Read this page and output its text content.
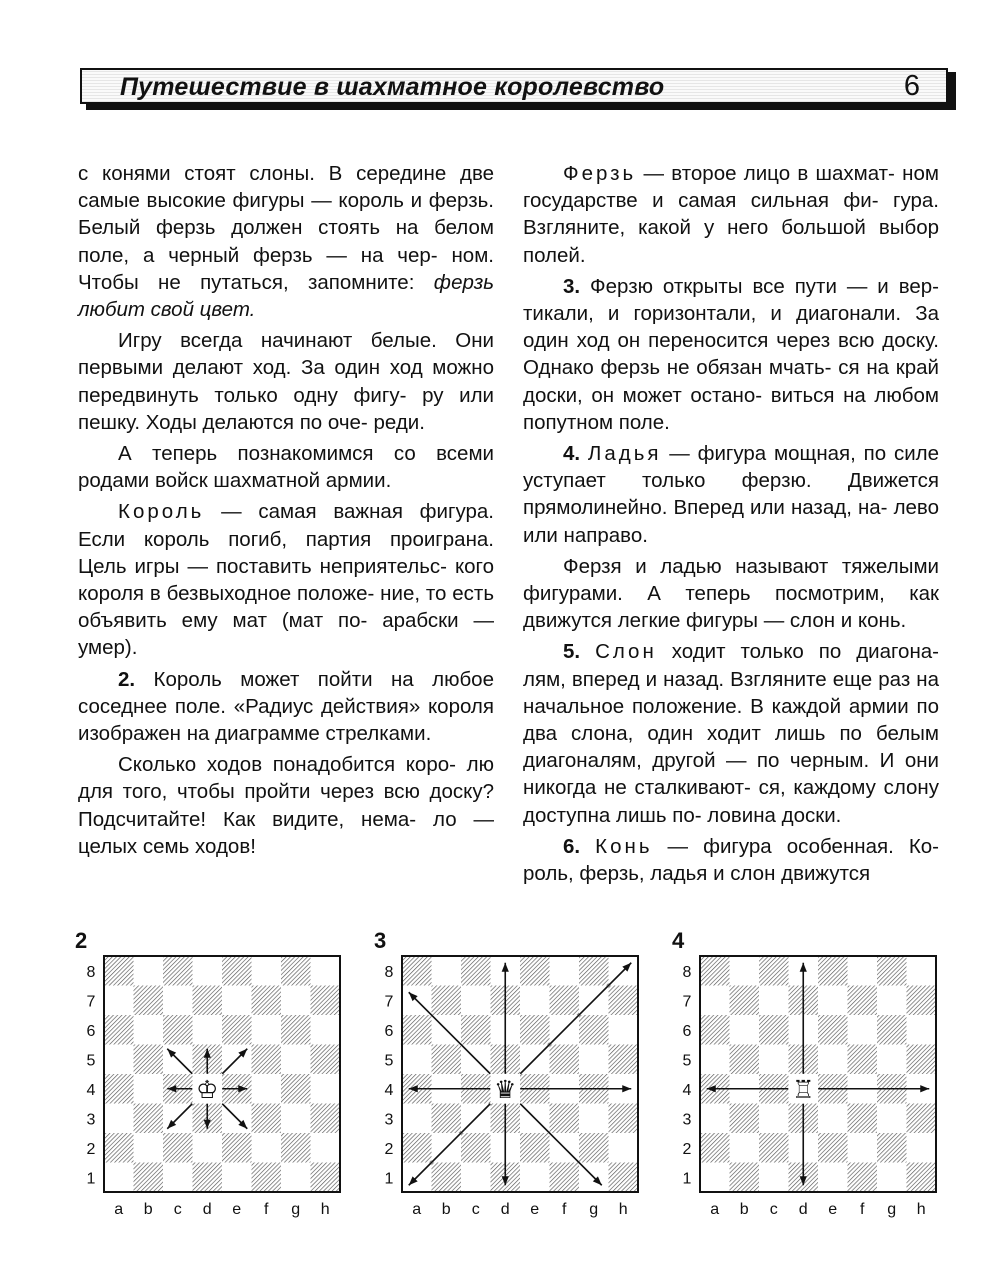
Путешествие в шахматное королевство	6

с конями стоят слоны. В середине две самые высокие фигуры — король и ферзь. Белый ферзь должен стоять на белом поле, а черный ферзь — на чер- ном. Чтобы не путаться, запомните: ферзь любит свой цвет.

Игру всегда начинают белые. Они первыми делают ход. За один ход можно передвинуть только одну фигу- ру или пешку. Ходы делаются по оче- реди.

А теперь познакомимся со всеми родами войск шахматной армии.

Король — самая важная фигура. Если король погиб, партия проиграна. Цель игры — поставить неприятельс- кого короля в безвыходное положе- ние, то есть объявить ему мат (мат по- арабски — умер).

2. Король может пойти на любое соседнее поле. «Радиус действия» короля изображен на диаграмме стрелками.

Сколько ходов понадобится коро- лю для того, чтобы пройти через всю доску? Подсчитайте! Как видите, нема- ло — целых семь ходов!

Ферзь — второе лицо в шахмат- ном государстве и самая сильная фи- гура. Взгляните, какой у него большой выбор полей.

3. Ферзю открыты все пути — и вер- тикали, и горизонтали, и диагонали. За один ход он переносится через всю доску. Однако ферзь не обязан мчать- ся на край доски, он может остано- виться на любом попутном поле.

4. Ладья — фигура мощная, по силе уступает только ферзю. Движется прямолинейно. Вперед или назад, на- лево или направо.

Ферзя и ладью называют тяжелыми фигурами. А теперь посмотрим, как движутся легкие фигуры — слон и конь.

5. Слон ходит только по диагона- лям, вперед и назад. Взгляните еще раз на начальное положение. В каждой армии по два слона, один ходит лишь по белым диагоналям, другой — по черным. И они никогда не сталкивают- ся, каждому слону доступна лишь по- ловина доски.

6. Конь — фигура особенная. Ко- роль, ферзь, ладья и слон движутся

2	3	4
8
7
6
5
4
3
2
1
a b c d e f g h
♔
8
7
6
5
4
3
2
1
a b c d e f g h
♛
8
7
6
5
4
3
2
1
a b c d e f g h
♖
